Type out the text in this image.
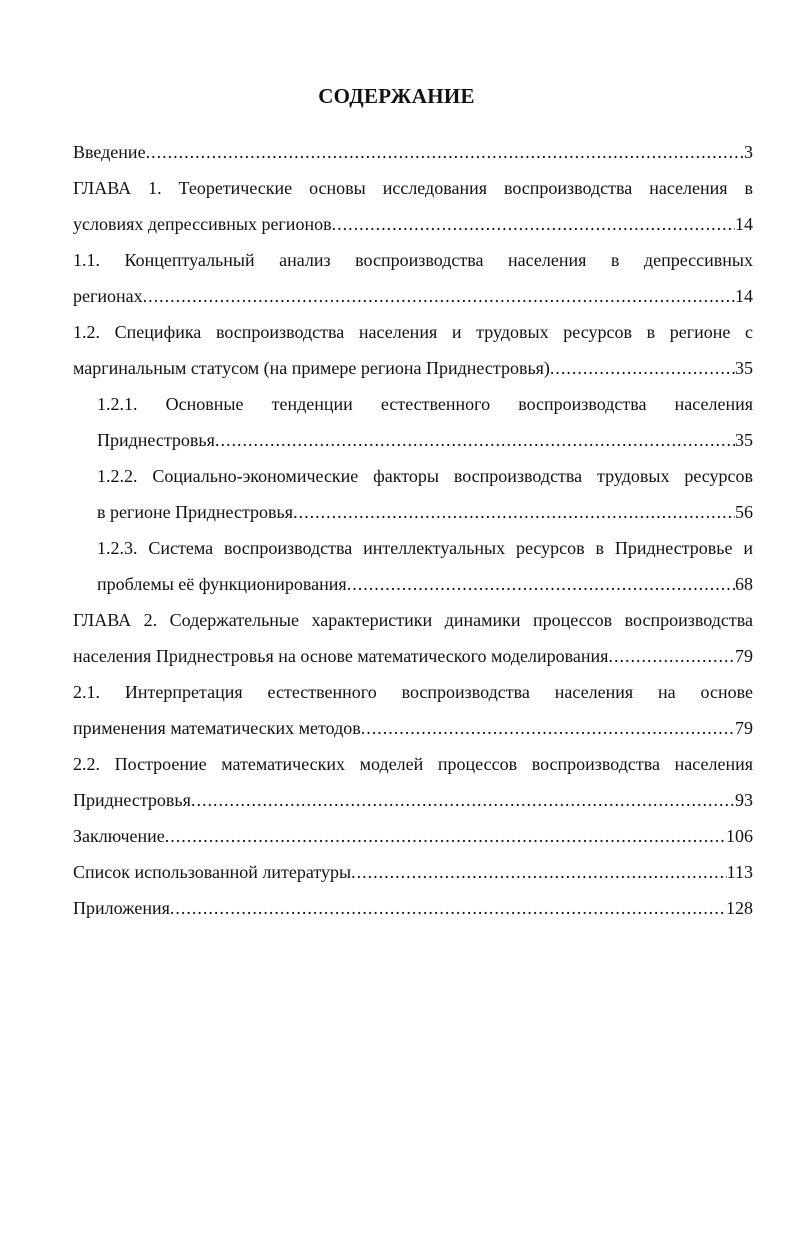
СОДЕРЖАНИЕ
Введение .....	3
ГЛАВА 1. Теоретические основы исследования воспроизводства населения в
условиях депрессивных регионов .....	14
1.1. Концептуальный анализ воспроизводства населения в депрессивных
регионах .....	14
1.2. Специфика воспроизводства населения и трудовых ресурсов в регионе с
маргинальным статусом (на примере региона Приднестровья) .....	35
1.2.1. Основные тенденции естественного воспроизводства населения
Приднестровья .....	35
1.2.2. Социально-экономические факторы воспроизводства трудовых ресурсов
в регионе Приднестровья .....	56
1.2.3. Система воспроизводства интеллектуальных ресурсов в Приднестровье и
проблемы её функционирования .....	68
ГЛАВА 2. Содержательные характеристики динамики процессов воспроизводства
населения Приднестровья на основе математического моделирования .....	79
2.1. Интерпретация естественного воспроизводства населения на основе
применения математических методов .....	79
2.2. Построение математических моделей процессов воспроизводства населения
Приднестровья .....	93
Заключение .....	106
Список использованной литературы .....	113
Приложения .....	128
